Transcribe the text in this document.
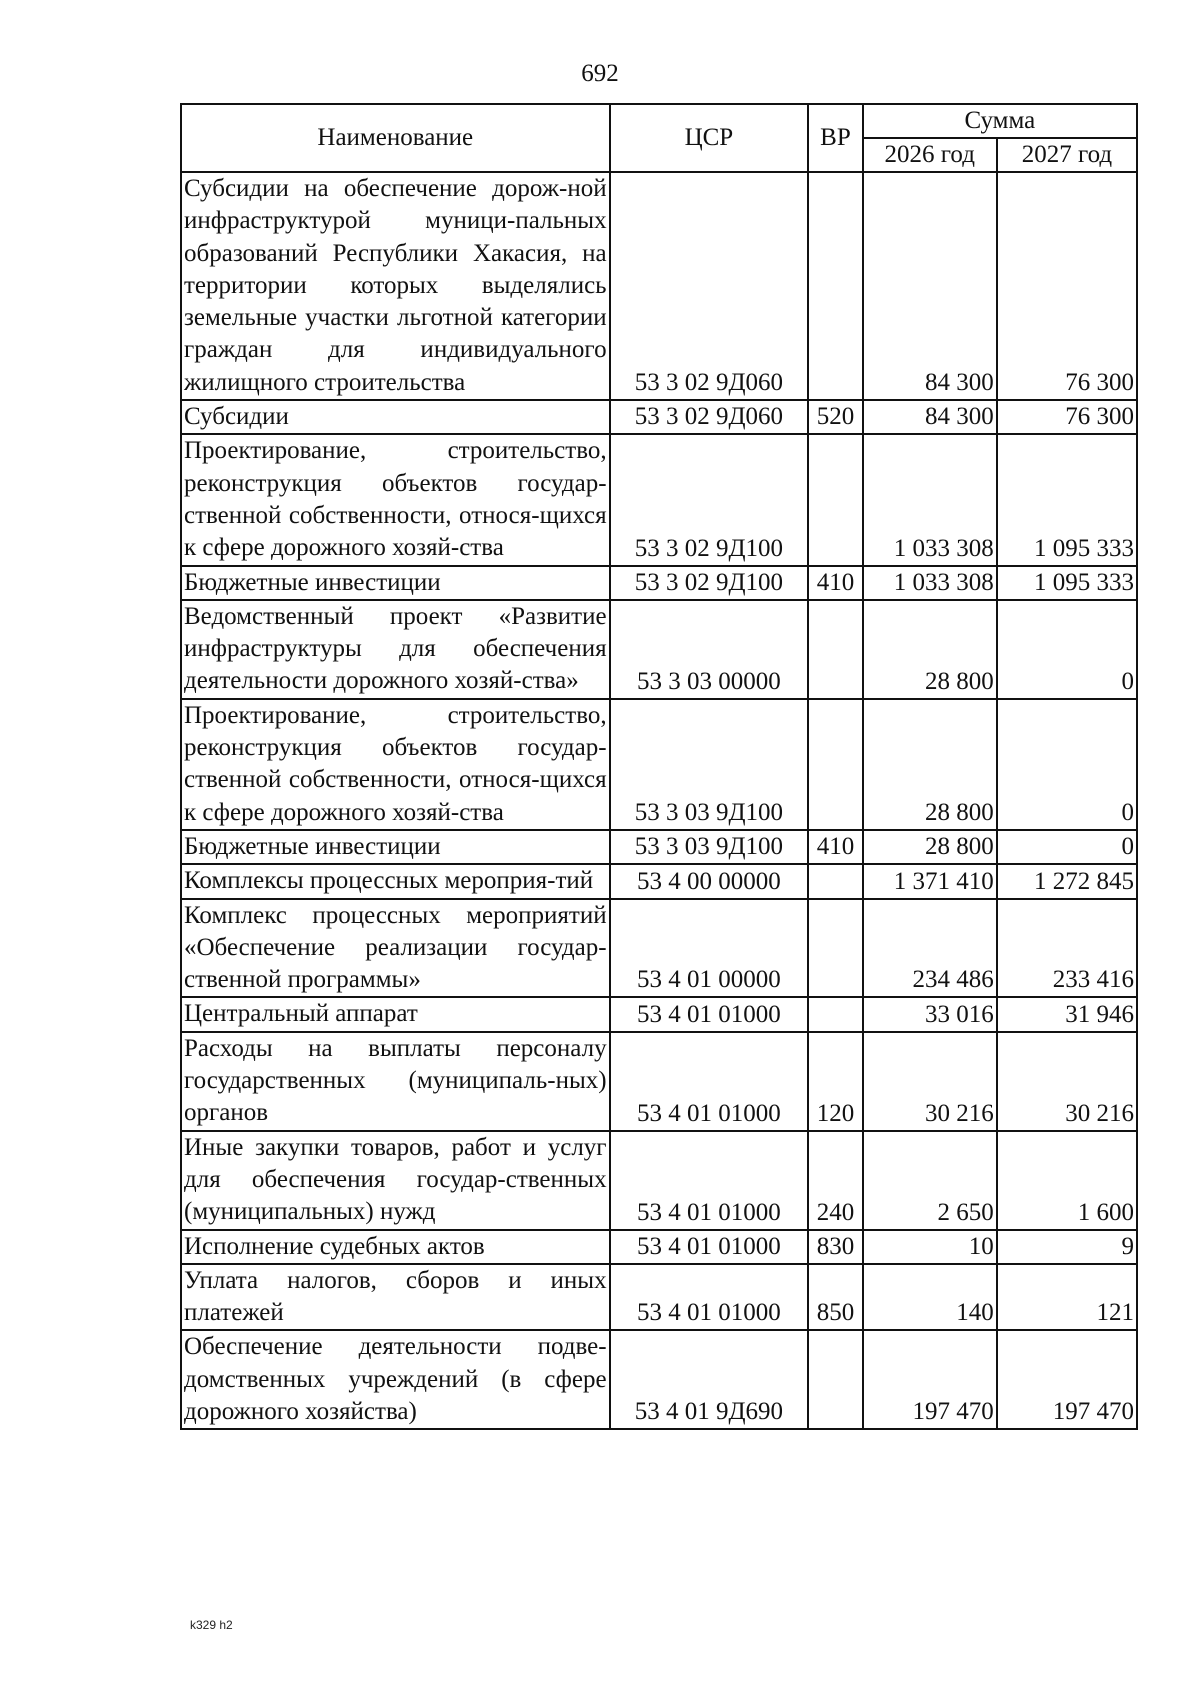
692
Наименование	ЦСР	ВР	Сумма	
			2026 год	2027 год
Субсидии на обеспечение дорож-ной инфраструктурой муници-пальных образований Республики Хакасия, на территории которых выделялись земельные участки льготной категории граждан для индивидуального жилищного строительства	53 3 02 9Д060		84 300	76 300
Субсидии	53 3 02 9Д060	520	84 300	76 300
Проектирование, строительство, реконструкция объектов государ-ственной собственности, относя-щихся к сфере дорожного хозяй-ства	53 3 02 9Д100		1 033 308	1 095 333
Бюджетные инвестиции	53 3 02 9Д100	410	1 033 308	1 095 333
Ведомственный проект «Развитие инфраструктуры для обеспечения деятельности дорожного хозяй-ства»	53 3 03 00000		28 800	0
Проектирование, строительство, реконструкция объектов государ-ственной собственности, относя-щихся к сфере дорожного хозяй-ства	53 3 03 9Д100		28 800	0
Бюджетные инвестиции	53 3 03 9Д100	410	28 800	0
Комплексы процессных мероприя-тий	53 4 00 00000		1 371 410	1 272 845
Комплекс процессных мероприятий «Обеспечение реализации государ-ственной программы»	53 4 01 00000		234 486	233 416
Центральный аппарат	53 4 01 01000		33 016	31 946
Расходы на выплаты персоналу государственных (муниципаль-ных) органов	53 4 01 01000	120	30 216	30 216
Иные закупки товаров, работ и услуг для обеспечения государ-ственных (муниципальных) нужд	53 4 01 01000	240	2 650	1 600
Исполнение судебных актов	53 4 01 01000	830	10	9
Уплата налогов, сборов и иных платежей	53 4 01 01000	850	140	121
Обеспечение деятельности подве-домственных учреждений (в сфере дорожного хозяйства)	53 4 01 9Д690		197 470	197 470
k329 h2
